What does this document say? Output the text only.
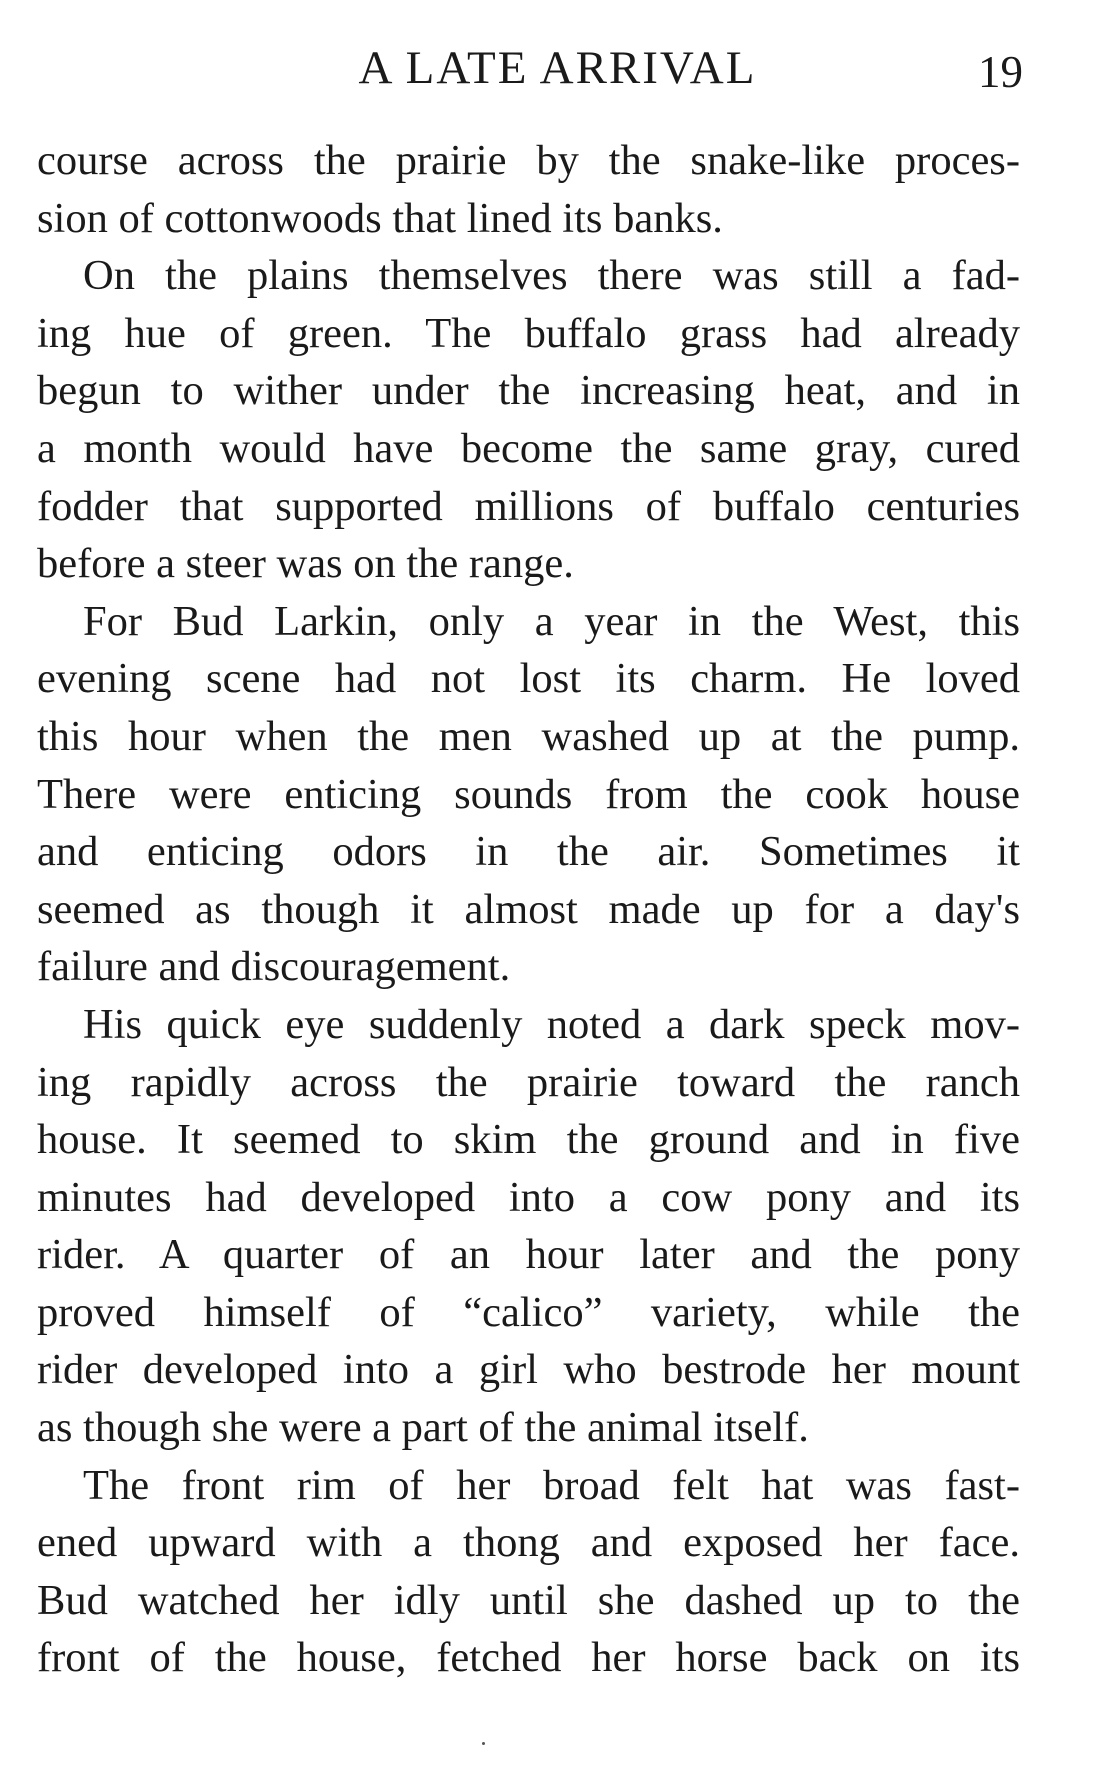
A LATE ARRIVAL	19
course across the prairie by the snake-like proces-
sion of cottonwoods that lined its banks.
On the plains themselves there was still a fad-
ing hue of green. The buffalo grass had already
begun to wither under the increasing heat, and in
a month would have become the same gray, cured
fodder that supported millions of buffalo centuries
before a steer was on the range.
For Bud Larkin, only a year in the West, this
evening scene had not lost its charm. He loved
this hour when the men washed up at the pump.
There were enticing sounds from the cook house
and enticing odors in the air. Sometimes it
seemed as though it almost made up for a day's
failure and discouragement.
His quick eye suddenly noted a dark speck mov-
ing rapidly across the prairie toward the ranch
house. It seemed to skim the ground and in five
minutes had developed into a cow pony and its
rider. A quarter of an hour later and the pony
proved himself of “calico” variety, while the
rider developed into a girl who bestrode her mount
as though she were a part of the animal itself.
The front rim of her broad felt hat was fast-
ened upward with a thong and exposed her face.
Bud watched her idly until she dashed up to the
front of the house, fetched her horse back on its
